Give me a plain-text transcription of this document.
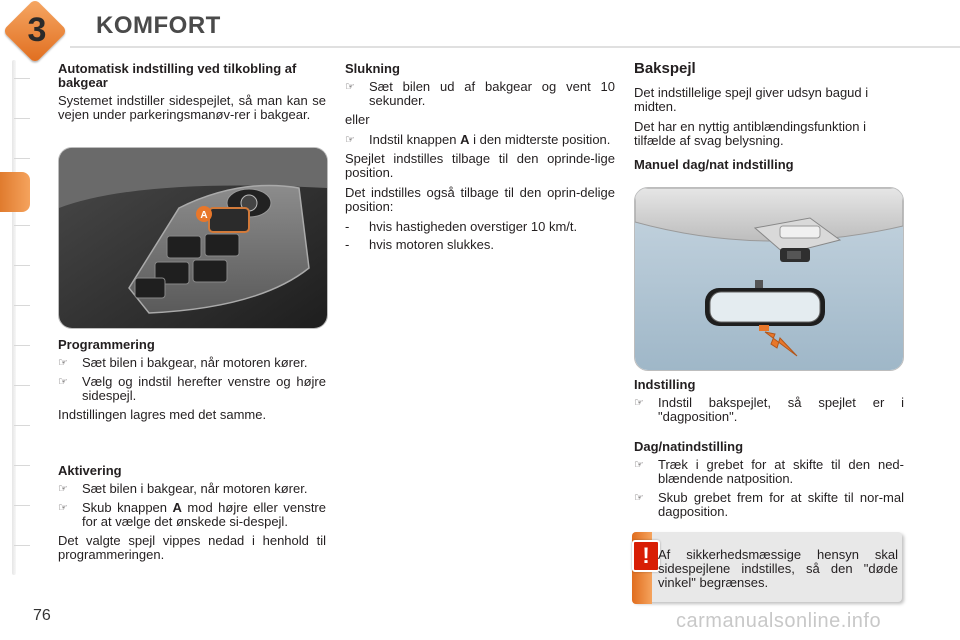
3 KOMFORT
Automatisk indstilling ved tilkobling af bakgear

Systemet indstiller sidespejlet, så man kan se vejen under parkeringsmanøv-rer i bakgear.

A
Programmering
☞	Sæt bilen i bakgear, når motoren kører.
☞	Vælg og indstil herefter venstre og højre sidespejl.

Indstillingen lagres med det samme.

Aktivering
☞	Sæt bilen i bakgear, når motoren kører.
☞	Skub knappen A mod højre eller venstre for at vælge det ønskede si-despejl.

Det valgte spejl vippes nedad i henhold til programmeringen.

Slukning
☞	Sæt bilen ud af bakgear og vent 10 sekunder.

eller

☞	Indstil knappen A i den midterste position.

Spejlet indstilles tilbage til den oprinde-lige position.

Det indstilles også tilbage til den oprin-delige position:

-	hvis hastigheden overstiger 10 km/t.
-	hvis motoren slukkes.
Bakspejl

Det indstillelige spejl giver udsyn bagud i midten.

Det har en nyttig antiblændingsfunktion i tilfælde af svag belysning.

Manuel dag/nat indstilling
Indstilling
☞	Indstil bakspejlet, så spejlet er i "dagposition".
Dag/natindstilling
☞	Træk i grebet for at skifte til den ned-blændende natposition.
☞	Skub grebet frem for at skifte til nor-mal dagposition.
! Af sikkerhedsmæssige hensyn skal sidespejlene indstilles, så den "døde vinkel" begrænses.
76	carmanualsonline.info
